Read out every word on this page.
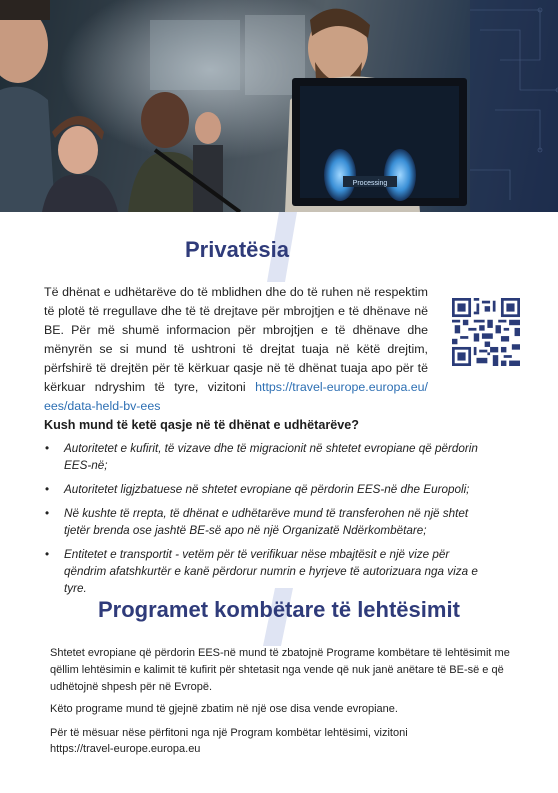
Processing
Privatësia

Të dhënat e udhëtarëve do të mblidhen dhe do të ruhen në respektim të plotë të rregullave dhe të të drejtave për mbrojtjen e të dhënave në BE. Për më shumë informacion për mbrojtjen e të dhënave dhe mënyrën se si mund të ushtroni të drejtat tuaja në këtë drejtim, përfshirë të drejtën për të kërkuar qasje në të dhënat tuaja apo për të kërkuar ndryshim të tyre, vizitoni https://travel-europe.europa.eu/ ees/data-held-bv-ees

Kush mund të ketë qasje në të dhënat e udhëtarëve?
• Autoritetet e kufirit, të vizave dhe të migracionit në shtetet evropiane që përdorin EES-në;
• Autoritetet ligjzbatuese në shtetet evropiane që përdorin EES-në dhe Europoli;
• Në kushte të rrepta, të dhënat e udhëtarëve mund të transferohen në një shtet tjetër brenda ose jashtë BE-së apo në një Organizatë Ndërkombëtare;
• Entitetet e transportit - vetëm për të verifikuar nëse mbajtësit e një vize për qëndrim afatshkurtër e kanë përdorur numrin e hyrjeve të autorizuara nga viza e tyre.
Programet kombëtare të lehtësimit

Shtetet evropiane që përdorin EES-në mund të zbatojnë Programe kombëtare të lehtësimit me qëllim lehtësimin e kalimit të kufirit për shtetasit nga vende që nuk janë anëtare të BE-së e që udhëtojnë shpesh për në Evropë.

Këto programe mund të gjejnë zbatim në një ose disa vende evropiane.

Për të mësuar nëse përfitoni nga një Program kombëtar lehtësimi, vizitoni

https://travel-europe.europa.eu
